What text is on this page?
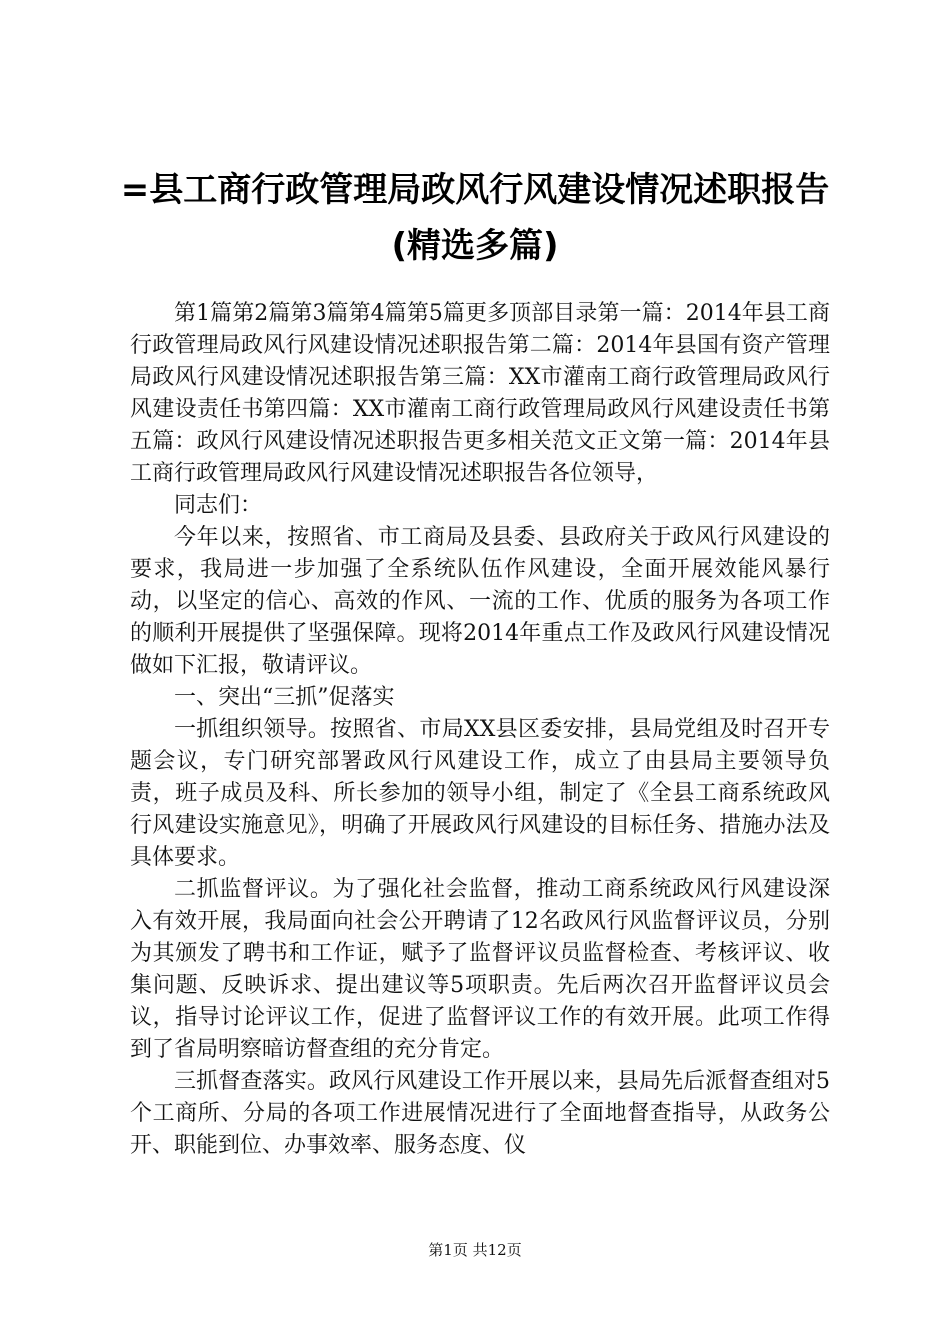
=县工商行政管理局政风行风建设情况述职报告(精选多篇)

第1篇第2篇第3篇第4篇第5篇更多顶部目录第一篇：2014年县工商行政管理局政风行风建设情况述职报告第二篇：2014年县国有资产管理局政风行风建设情况述职报告第三篇：XX市灌南工商行政管理局政风行风建设责任书第四篇：XX市灌南工商行政管理局政风行风建设责任书第五篇：政风行风建设情况述职报告更多相关范文正文第一篇：2014年县工商行政管理局政风行风建设情况述职报告各位领导，

同志们：

今年以来，按照省、市工商局及县委、县政府关于政风行风建设的要求，我局进一步加强了全系统队伍作风建设，全面开展效能风暴行动，以坚定的信心、高效的作风、一流的工作、优质的服务为各项工作的顺利开展提供了坚强保障。现将2014年重点工作及政风行风建设情况做如下汇报，敬请评议。

一、突出“三抓”促落实

一抓组织领导。按照省、市局XX县区委安排，县局党组及时召开专题会议，专门研究部署政风行风建设工作，成立了由县局主要领导负责，班子成员及科、所长参加的领导小组，制定了《全县工商系统政风行风建设实施意见》，明确了开展政风行风建设的目标任务、措施办法及具体要求。

二抓监督评议。为了强化社会监督，推动工商系统政风行风建设深入有效开展，我局面向社会公开聘请了12名政风行风监督评议员，分别为其颁发了聘书和工作证，赋予了监督评议员监督检查、考核评议、收集问题、反映诉求、提出建议等5项职责。先后两次召开监督评议员会议，指导讨论评议工作，促进了监督评议工作的有效开展。此项工作得到了省局明察暗访督查组的充分肯定。

三抓督查落实。政风行风建设工作开展以来，县局先后派督查组对5个工商所、分局的各项工作进展情况进行了全面地督查指导，从政务公开、职能到位、办事效率、服务态度、仪

第1页 共12页
